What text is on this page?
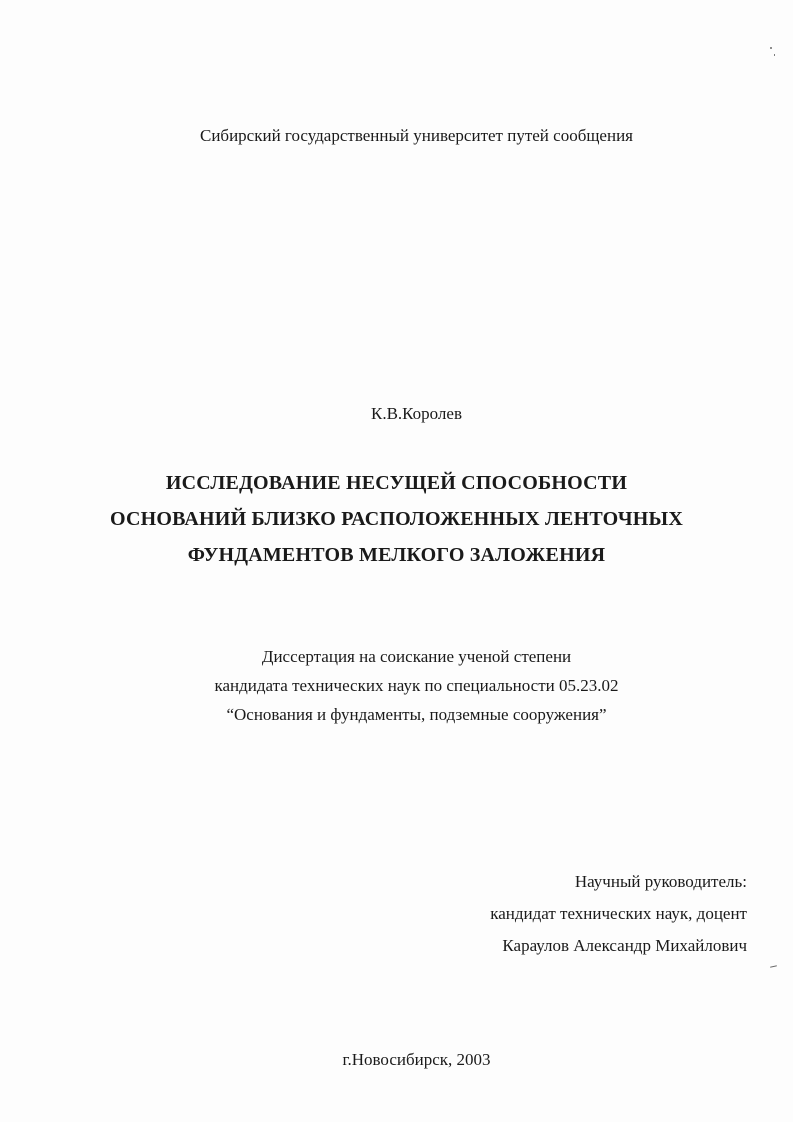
Сибирский государственный университет путей сообщения
К.В.Королев
ИССЛЕДОВАНИЕ НЕСУЩЕЙ СПОСОБНОСТИ
ОСНОВАНИЙ БЛИЗКО РАСПОЛОЖЕННЫХ ЛЕНТОЧНЫХ
ФУНДАМЕНТОВ МЕЛКОГО ЗАЛОЖЕНИЯ
Диссертация на соискание ученой степени
кандидата технических наук по специальности 05.23.02
“Основания и фундаменты, подземные сооружения”
Научный руководитель:
кандидат технических наук, доцент
Караулов Александр Михайлович
г.Новосибирск, 2003
